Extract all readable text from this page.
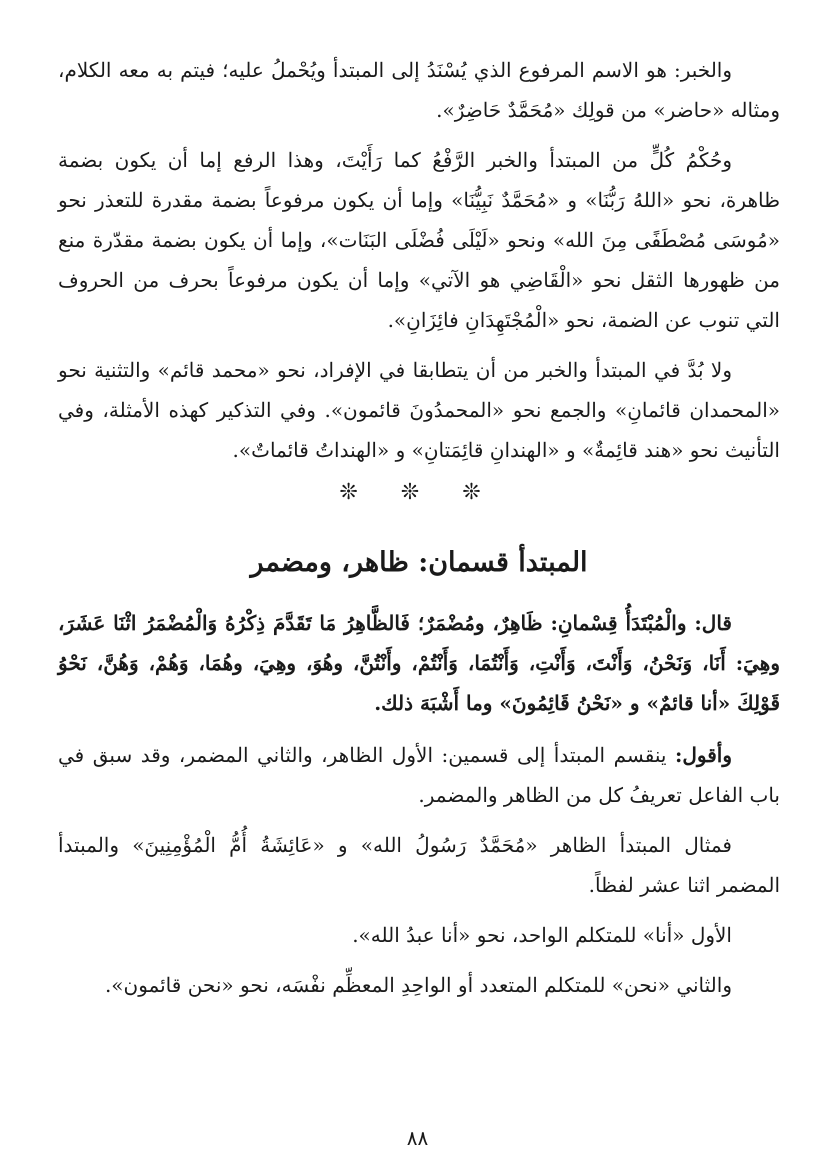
والخبر: هو الاسم المرفوع الذي يُسْنَدُ إلى المبتدأ ويُحْملُ عليه؛ فيتم به معه الكلام، ومثاله «حاضر» من قولِك «مُحَمَّدٌ حَاضِرٌ».

وحُكْمُ كُلٍّ من المبتدأ والخبر الرَّفْعُ كما رَأَيْتَ، وهذا الرفع إما أن يكون بضمة ظاهرة، نحو «اللهُ رَبُّنَا» و «مُحَمَّدٌ نَبِيُّنَا» وإما أن يكون مرفوعاً بضمة مقدرة للتعذر نحو «مُوسَى مُصْطَفًى مِنَ الله» ونحو «لَيْلَى فُضْلَى البَنَات»، وإما أن يكون بضمة مقدّرة منع من ظهورها الثقل نحو «الْقَاضِي هو الآتي» وإما أن يكون مرفوعاً بحرف من الحروف التي تنوب عن الضمة، نحو «الْمُجْتَهِدَانِ فائِزَانِ».

ولا بُدَّ في المبتدأ والخبر من أن يتطابقا في الإفراد، نحو «محمد قائم» والتثنية نحو «المحمدان قائمانِ» والجمع نحو «المحمدُونَ قائمون». وفي التذكير كهذه الأمثلة، وفي التأنيث نحو «هند قائِمةٌ» و «الهندانِ قائِمَتانِ» و «الهنداتُ قائماتٌ».

❊ ❊ ❊
المبتدأ قسمان: ظاهر، ومضمر

قال: والْمُبْتَدَأُ قِسْمانِ: ظَاهِرٌ، ومُضْمَرٌ؛ فَالظَّاهِرُ مَا تَقَدَّمَ ذِكْرُهُ وَالْمُضْمَرُ اثْنَا عَشَرَ، وهِيَ: أَنَا، وَنَحْنُ، وَأَنْتَ، وَأَنْتِ، وَأَنْتُمَا، وَأَنْتُمْ، وأَنْتُنَّ، وهُوَ، وهِيَ، وهُمَا، وَهُمْ، وَهُنَّ، نَحْوُ قَوْلِكَ «أنا قائمٌ» و «نَحْنُ قَائِمُونَ» وما أَشْبَهَ ذلك.

وأقول: ينقسم المبتدأ إلى قسمين: الأول الظاهر، والثاني المضمر، وقد سبق في باب الفاعل تعريفُ كل من الظاهر والمضمر.

فمثال المبتدأ الظاهر «مُحَمَّدٌ رَسُولُ الله» و «عَائِشَةُ أُمُّ الْمُؤْمِنِينَ» والمبتدأ المضمر اثنا عشر لفظاً.

الأول «أنا» للمتكلم الواحد، نحو «أنا عبدُ الله».

والثاني «نحن» للمتكلم المتعدد أو الواحِدِ المعظِّم نفْسَه، نحو «نحن قائمون».

٨٨
